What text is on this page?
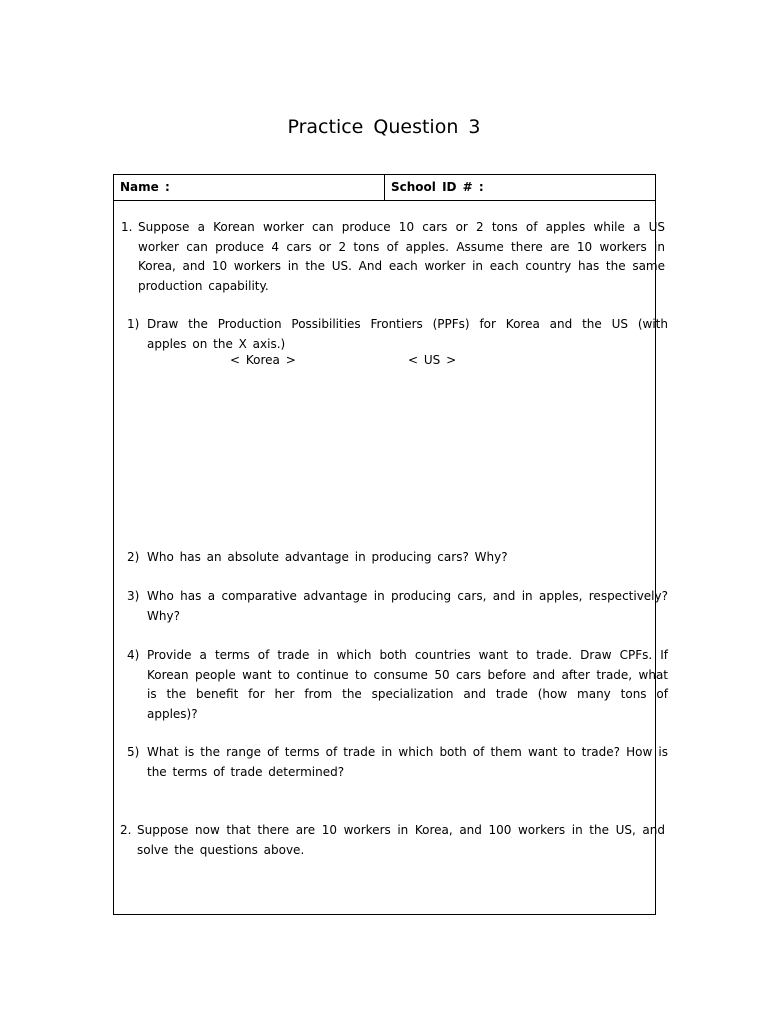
Practice Question 3
Name :	School ID # :
1. Suppose a Korean worker can produce 10 cars or 2 tons of apples while a US worker can produce 4 cars or 2 tons of apples. Assume there are 10 workers in Korea, and 10 workers in the US. And each worker in each country has the same production capability.
1) Draw the Production Possibilities Frontiers (PPFs) for Korea and the US (with apples on the X axis.)
< Korea >	< US >
2) Who has an absolute advantage in producing cars? Why?
3) Who has a comparative advantage in producing cars, and in apples, respectively? Why?
4) Provide a terms of trade in which both countries want to trade. Draw CPFs. If Korean people want to continue to consume 50 cars before and after trade, what is the benefit for her from the specialization and trade (how many tons of apples)?
5) What is the range of terms of trade in which both of them want to trade? How is the terms of trade determined?
2. Suppose now that there are 10 workers in Korea, and 100 workers in the US, and solve the questions above.
